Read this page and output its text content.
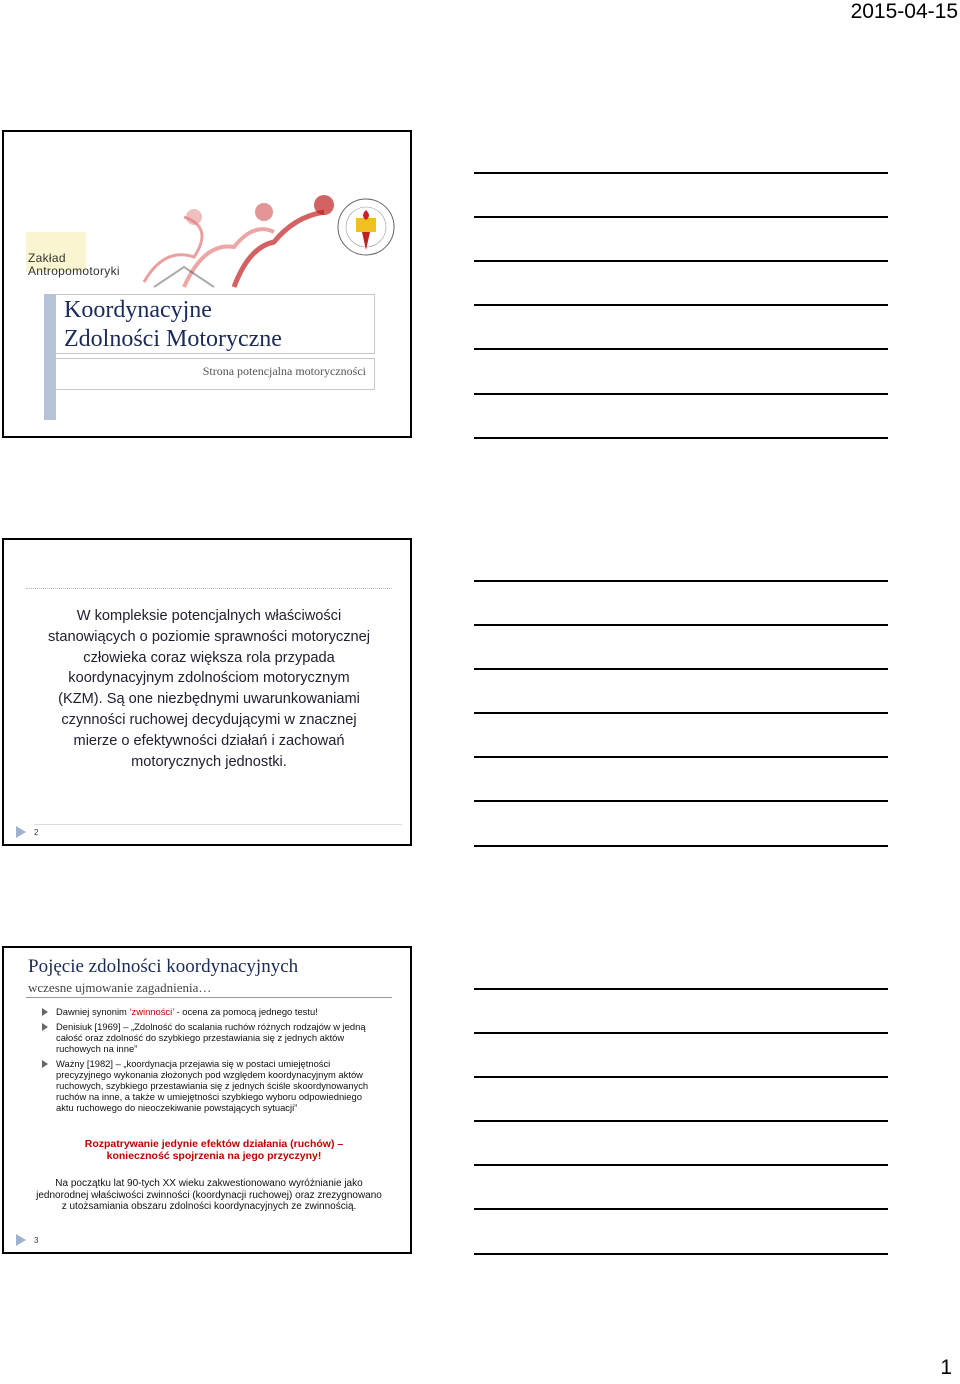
2015-04-15
Zakład
Antropomotoryki
Koordynacyjne
Zdolności Motoryczne
Strona potencjalna motoryczności
W kompleksie potencjalnych właściwości stanowiących o poziomie sprawności motorycznej człowieka coraz większa rola przypada koordynacyjnym zdolnościom motorycznym (KZM). Są one niezbędnymi uwarunkowaniami czynności ruchowej decydującymi w znacznej mierze o efektywności działań i zachowań motorycznych jednostki.
2
Pojęcie zdolności koordynacyjnych
wczesne ujmowanie zagadnienia…
Dawniej synonim ‘zwinności’ - ocena za pomocą jednego testu!
Denisiuk [1969] – „Zdolność do scalania ruchów różnych rodzajów w jedną całość oraz zdolność do szybkiego przestawiania się z jednych aktów ruchowych na inne”
Ważny [1982] – „koordynacja przejawia się w postaci umiejętności precyzyjnego wykonania złożonych pod względem koordynacyjnym aktów ruchowych, szybkiego przestawiania się z jednych ściśle skoordynowanych ruchów na inne, a także w umiejętności szybkiego wyboru odpowiedniego aktu ruchowego do nieoczekiwanie powstających sytuacji”
Rozpatrywanie jedynie efektów działania (ruchów) –
konieczność spojrzenia na jego przyczyny!
Na początku lat 90-tych XX wieku zakwestionowano wyróżnianie jako jednorodnej właściwości zwinności (koordynacji ruchowej) oraz zrezygnowano z utożsamiania obszaru zdolności koordynacyjnych ze zwinnością.
3
1
